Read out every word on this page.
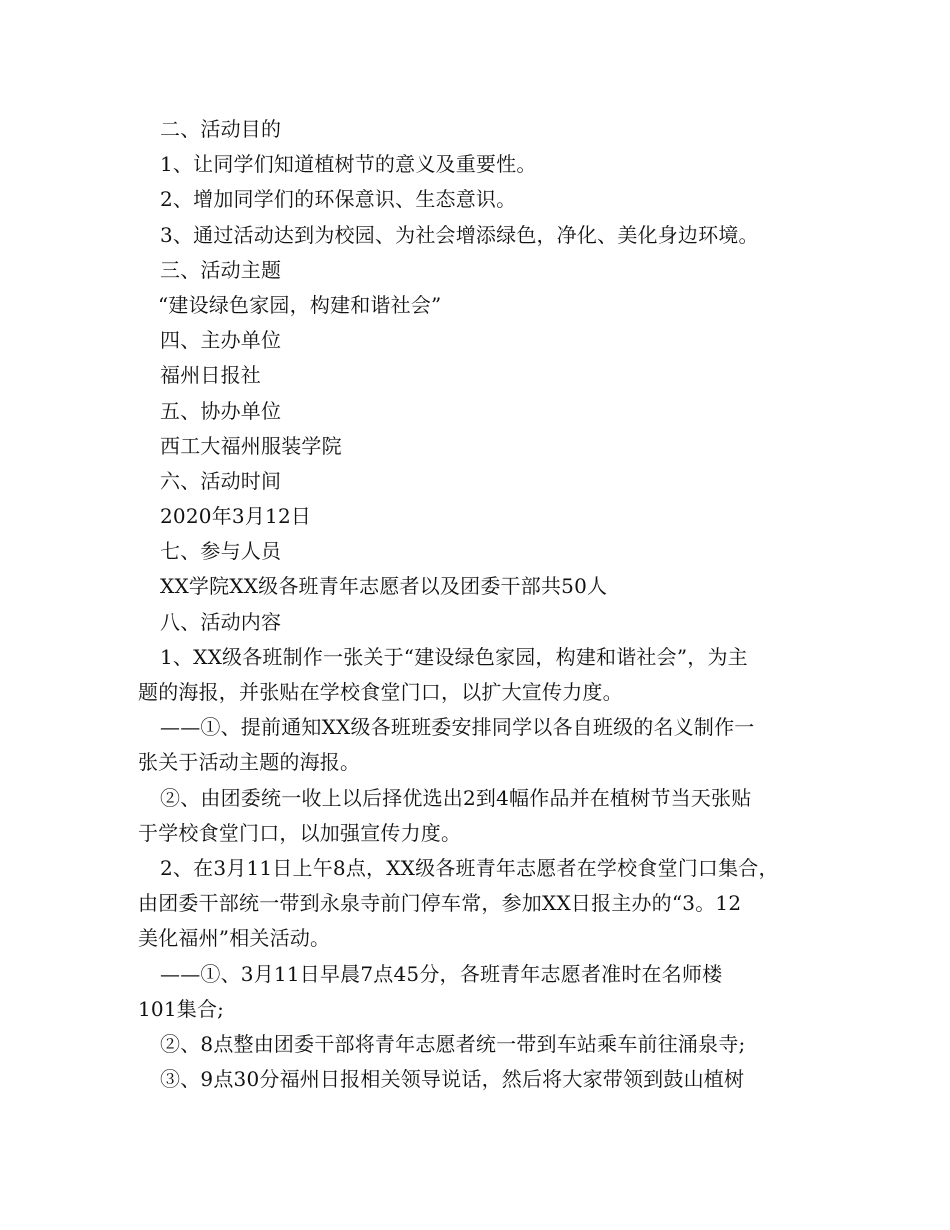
二、活动目的
1、让同学们知道植树节的意义及重要性。
2、增加同学们的环保意识、生态意识。
3、通过活动达到为校园、为社会增添绿色，净化、美化身边环境。
三、活动主题
“建设绿色家园，构建和谐社会”
四、主办单位
福州日报社
五、协办单位
西工大福州服装学院
六、活动时间
2020年3月12日
七、参与人员
XX学院XX级各班青年志愿者以及团委干部共50人
八、活动内容
1、XX级各班制作一张关于“建设绿色家园，构建和谐社会”，为主
题的海报，并张贴在学校食堂门口，以扩大宣传力度。
——①、提前通知XX级各班班委安排同学以各自班级的名义制作一
张关于活动主题的海报。
②、由团委统一收上以后择优选出2到4幅作品并在植树节当天张贴
于学校食堂门口，以加强宣传力度。
2、在3月11日上午8点，XX级各班青年志愿者在学校食堂门口集合，
由团委干部统一带到永泉寺前门停车常，参加XX日报主办的“3。12
美化福州”相关活动。
——①、3月11日早晨7点45分，各班青年志愿者准时在名师楼
101集合;
②、8点整由团委干部将青年志愿者统一带到车站乘车前往涌泉寺;
③、9点30分福州日报相关领导说话，然后将大家带领到鼓山植树
